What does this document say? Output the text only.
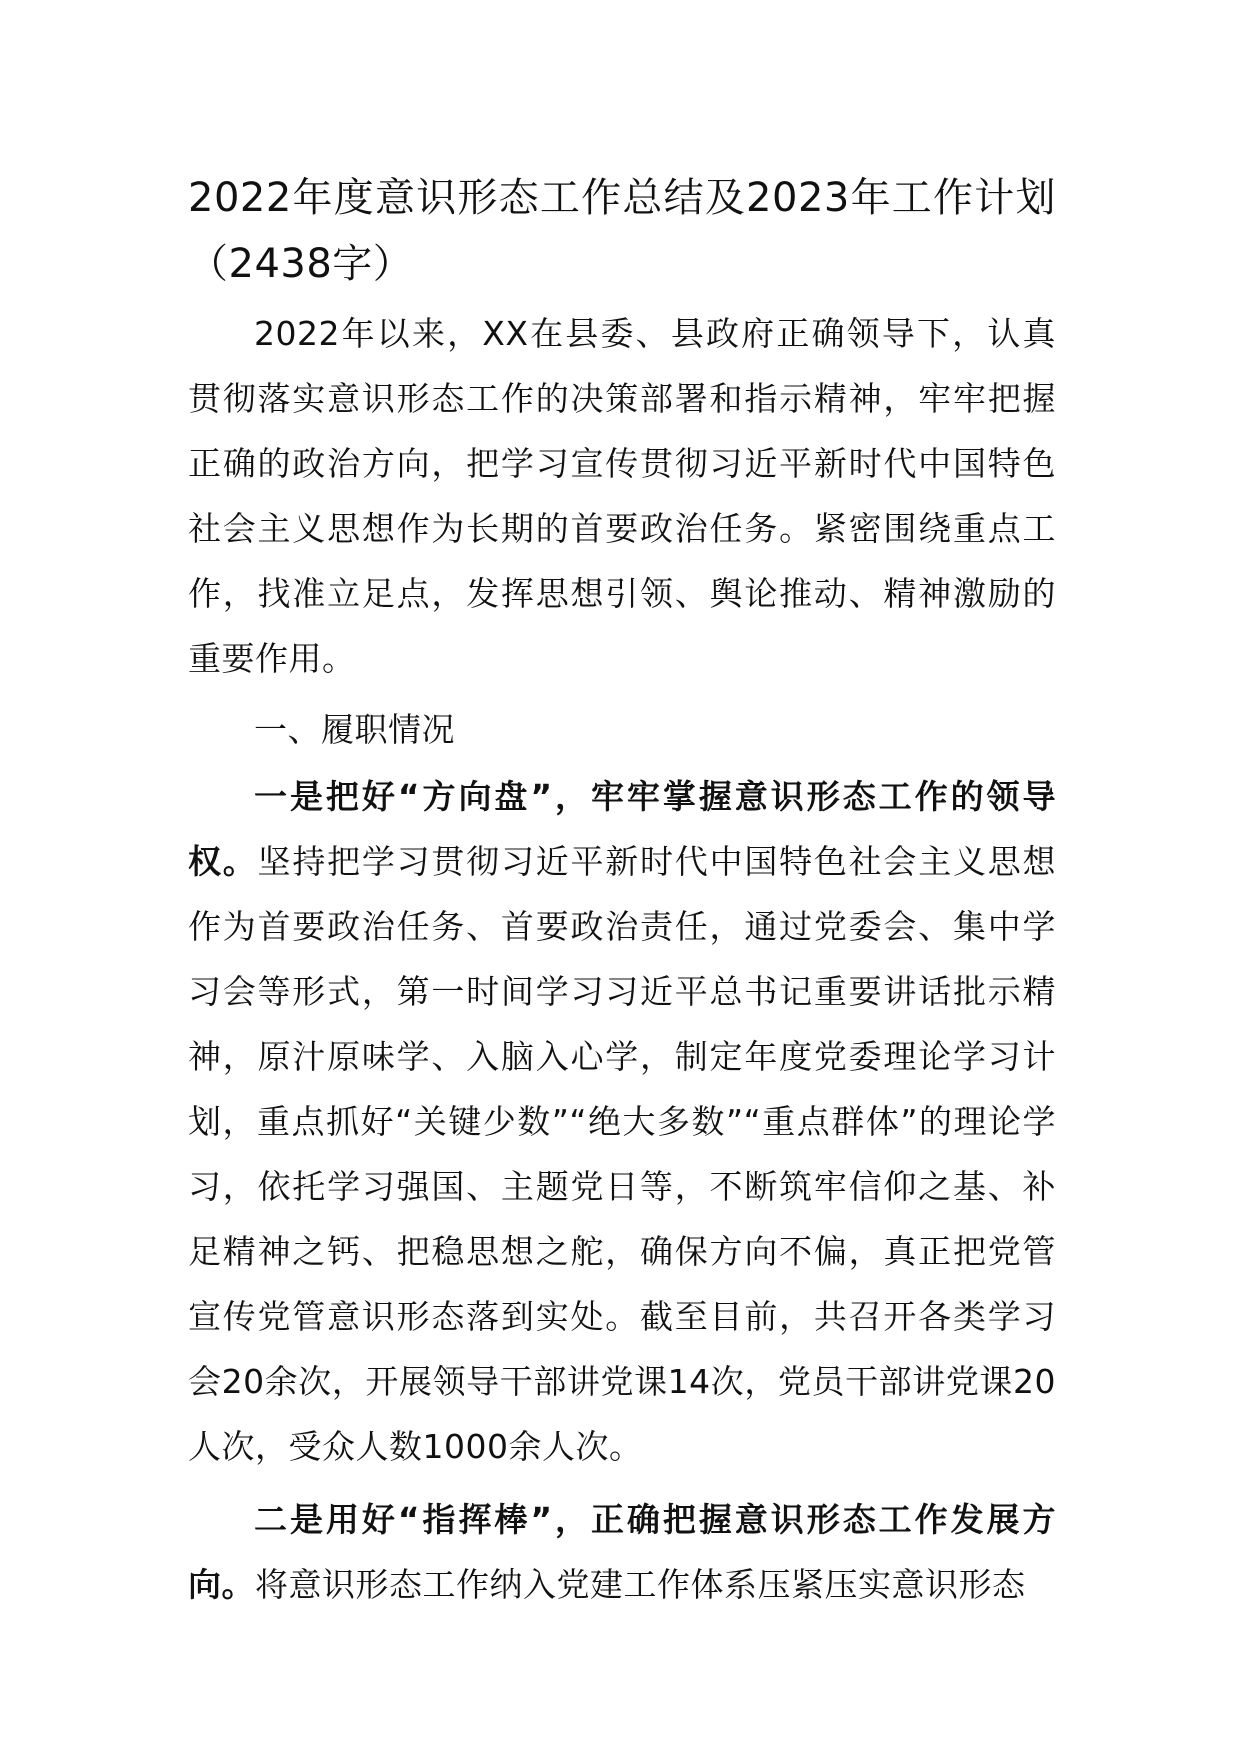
2022年度意识形态工作总结及2023年工作计划（2438字）

2022年以来，XX在县委、县政府正确领导下，认真贯彻落实意识形态工作的决策部署和指示精神，牢牢把握正确的政治方向，把学习宣传贯彻习近平新时代中国特色社会主义思想作为长期的首要政治任务。紧密围绕重点工作，找准立足点，发挥思想引领、舆论推动、精神激励的重要作用。

一、履职情况

一是把好“方向盘”，牢牢掌握意识形态工作的领导权。坚持把学习贯彻习近平新时代中国特色社会主义思想作为首要政治任务、首要政治责任，通过党委会、集中学习会等形式，第一时间学习习近平总书记重要讲话批示精神，原汁原味学、入脑入心学，制定年度党委理论学习计划，重点抓好“关键少数”“绝大多数”“重点群体”的理论学习，依托学习强国、主题党日等，不断筑牢信仰之基、补足精神之钙、把稳思想之舵，确保方向不偏，真正把党管宣传党管意识形态落到实处。截至目前，共召开各类学习会20余次，开展领导干部讲党课14次，党员干部讲党课20人次，受众人数1000余人次。

二是用好“指挥棒”，正确把握意识形态工作发展方向。将意识形态工作纳入党建工作体系压紧压实意识形态
